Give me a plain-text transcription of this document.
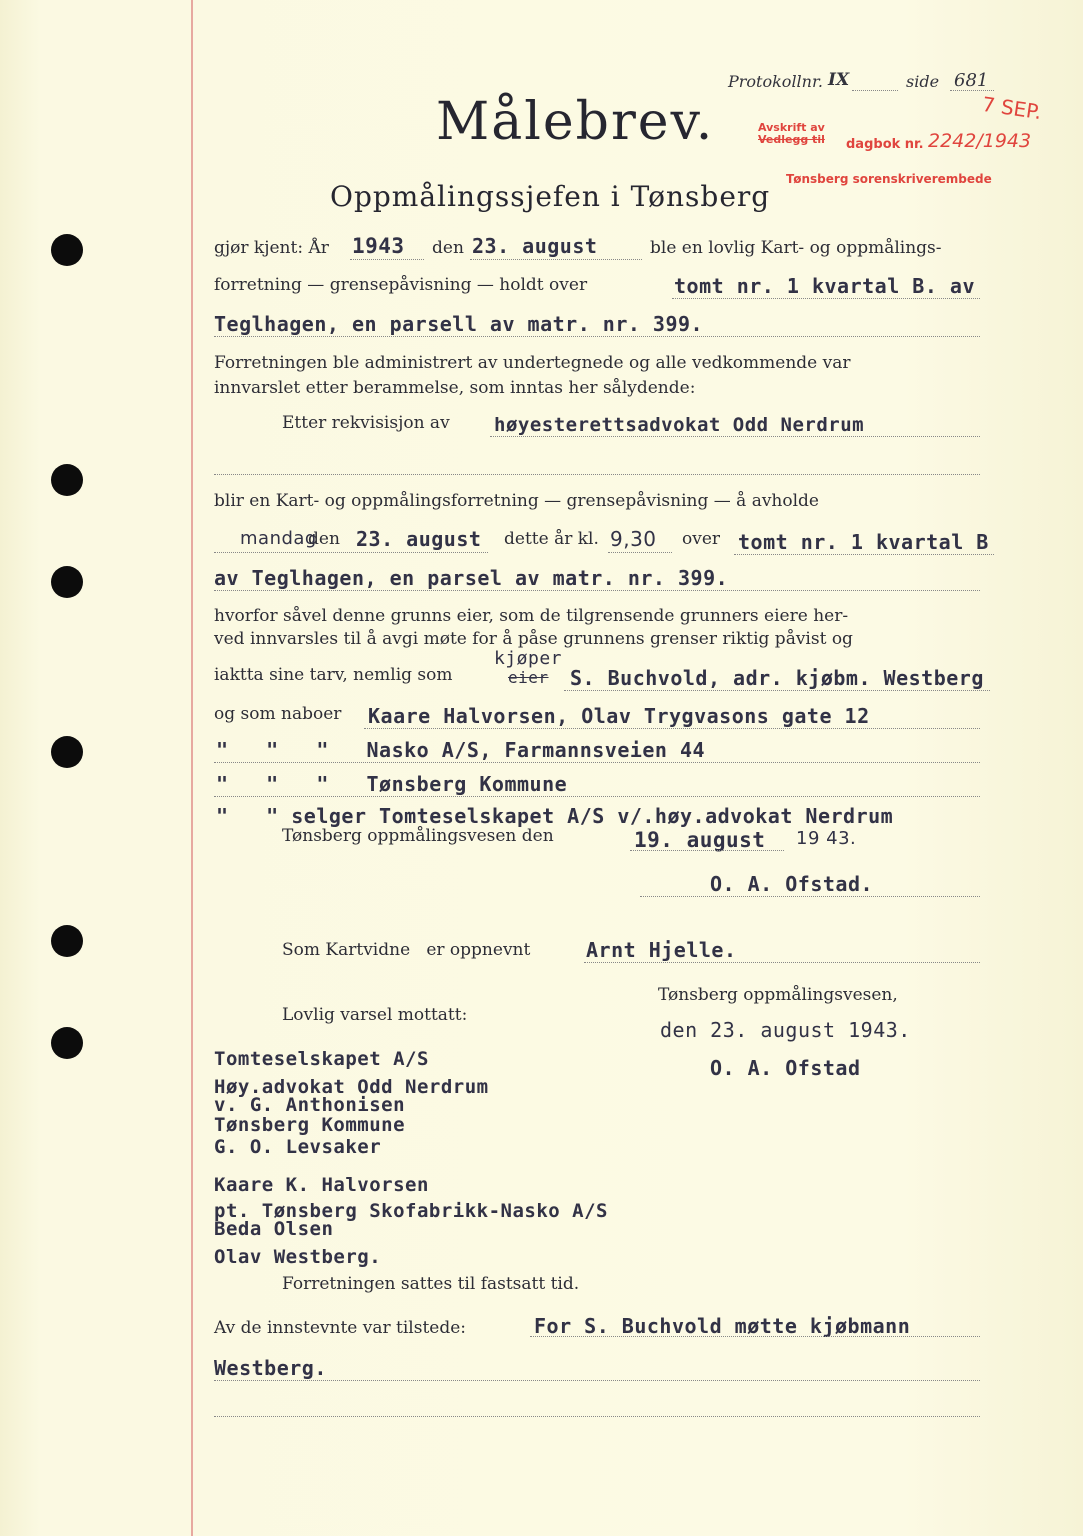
Protokollnr. IX	side 681
7 SEP.
Avskrift av
Vedlegg til dagbok nr. 2242/1943
Tønsberg sorenskriverembede
Målebrev.
Oppmålingssjefen i Tønsberg
gjør kjent: År 1943 den 23. august	ble en lovlig Kart- og oppmålings-
forretning — grensepåvisning — holdt over	tomt nr. 1 kvartal B. av
Teglhagen, en parsell av matr. nr. 399.
Forretningen ble administrert av undertegnede og alle vedkommende var
innvarslet etter berammelse, som inntas her sålydende:
Etter rekvisisjon av høyesterettsadvokat Odd Nerdrum
blir en Kart- og oppmålingsforretning — grensepåvisning — å avholde
mandag
den 23. august dette år kl. 9,30 over tomt nr. 1 kvartal B
av Teglhagen, en parsel av matr. nr. 399.
hvorfor såvel denne grunns eier, som de tilgrensende grunners eiere her-
ved innvarsles til å avgi møte for å påse grunnens grenser riktig påvist og
iaktta sine tarv, nemlig som	eier
kjøper
S. Buchvold, adr. kjøbm. Westberg
og som naboer Kaare Halvorsen, Olav Trygvasons gate 12
"   "   "   Nasko A/S, Farmannsveien 44
"   "   "   Tønsberg Kommune
"   " selger Tomteselskapet A/S v/.høy.advokat Nerdrum
Tønsberg oppmålingsvesen den	19. august 19 43.
O. A. Ofstad.
Som Kartvidne   er oppnevnt	Arnt Hjelle.
Tønsberg oppmålingsvesen,
den 23. august 1943.
O. A. Ofstad
Lovlig varsel mottatt:
Tomteselskapet A/S
Høy.advokat Odd Nerdrum
v. G. Anthonisen
Tønsberg Kommune
G. O. Levsaker
Kaare K. Halvorsen
pt. Tønsberg Skofabrikk-Nasko A/S
Beda Olsen
Olav Westberg.
Forretningen sattes til fastsatt tid.
Av de innstevnte var tilstede:	For S. Buchvold møtte kjøbmann
Westberg.
